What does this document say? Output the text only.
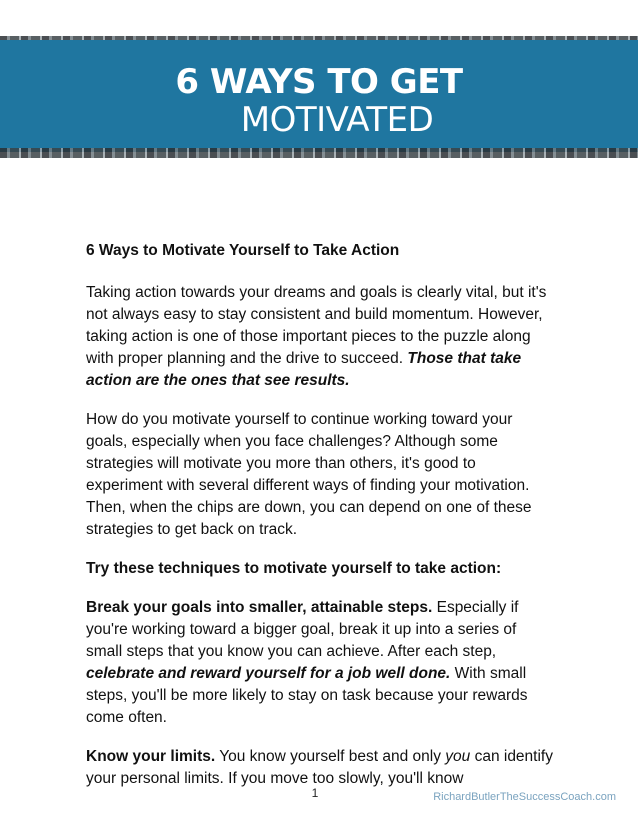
6 WAYS TO GET
MOTIVATED

6 Ways to Motivate Yourself to Take Action

Taking action towards your dreams and goals is clearly vital, but it's not always easy to stay consistent and build momentum. However, taking action is one of those important pieces to the puzzle along with proper planning and the drive to succeed. Those that take action are the ones that see results.

How do you motivate yourself to continue working toward your goals, especially when you face challenges? Although some strategies will motivate you more than others, it's good to experiment with several different ways of finding your motivation. Then, when the chips are down, you can depend on one of these strategies to get back on track.

Try these techniques to motivate yourself to take action:

Break your goals into smaller, attainable steps. Especially if you're working toward a bigger goal, break it up into a series of small steps that you know you can achieve. After each step, celebrate and reward yourself for a job well done. With small steps, you'll be more likely to stay on task because your rewards come often.

Know your limits. You know yourself best and only you can identify your personal limits. If you move too slowly, you'll know

1	RichardButlerTheSuccessCoach.com
